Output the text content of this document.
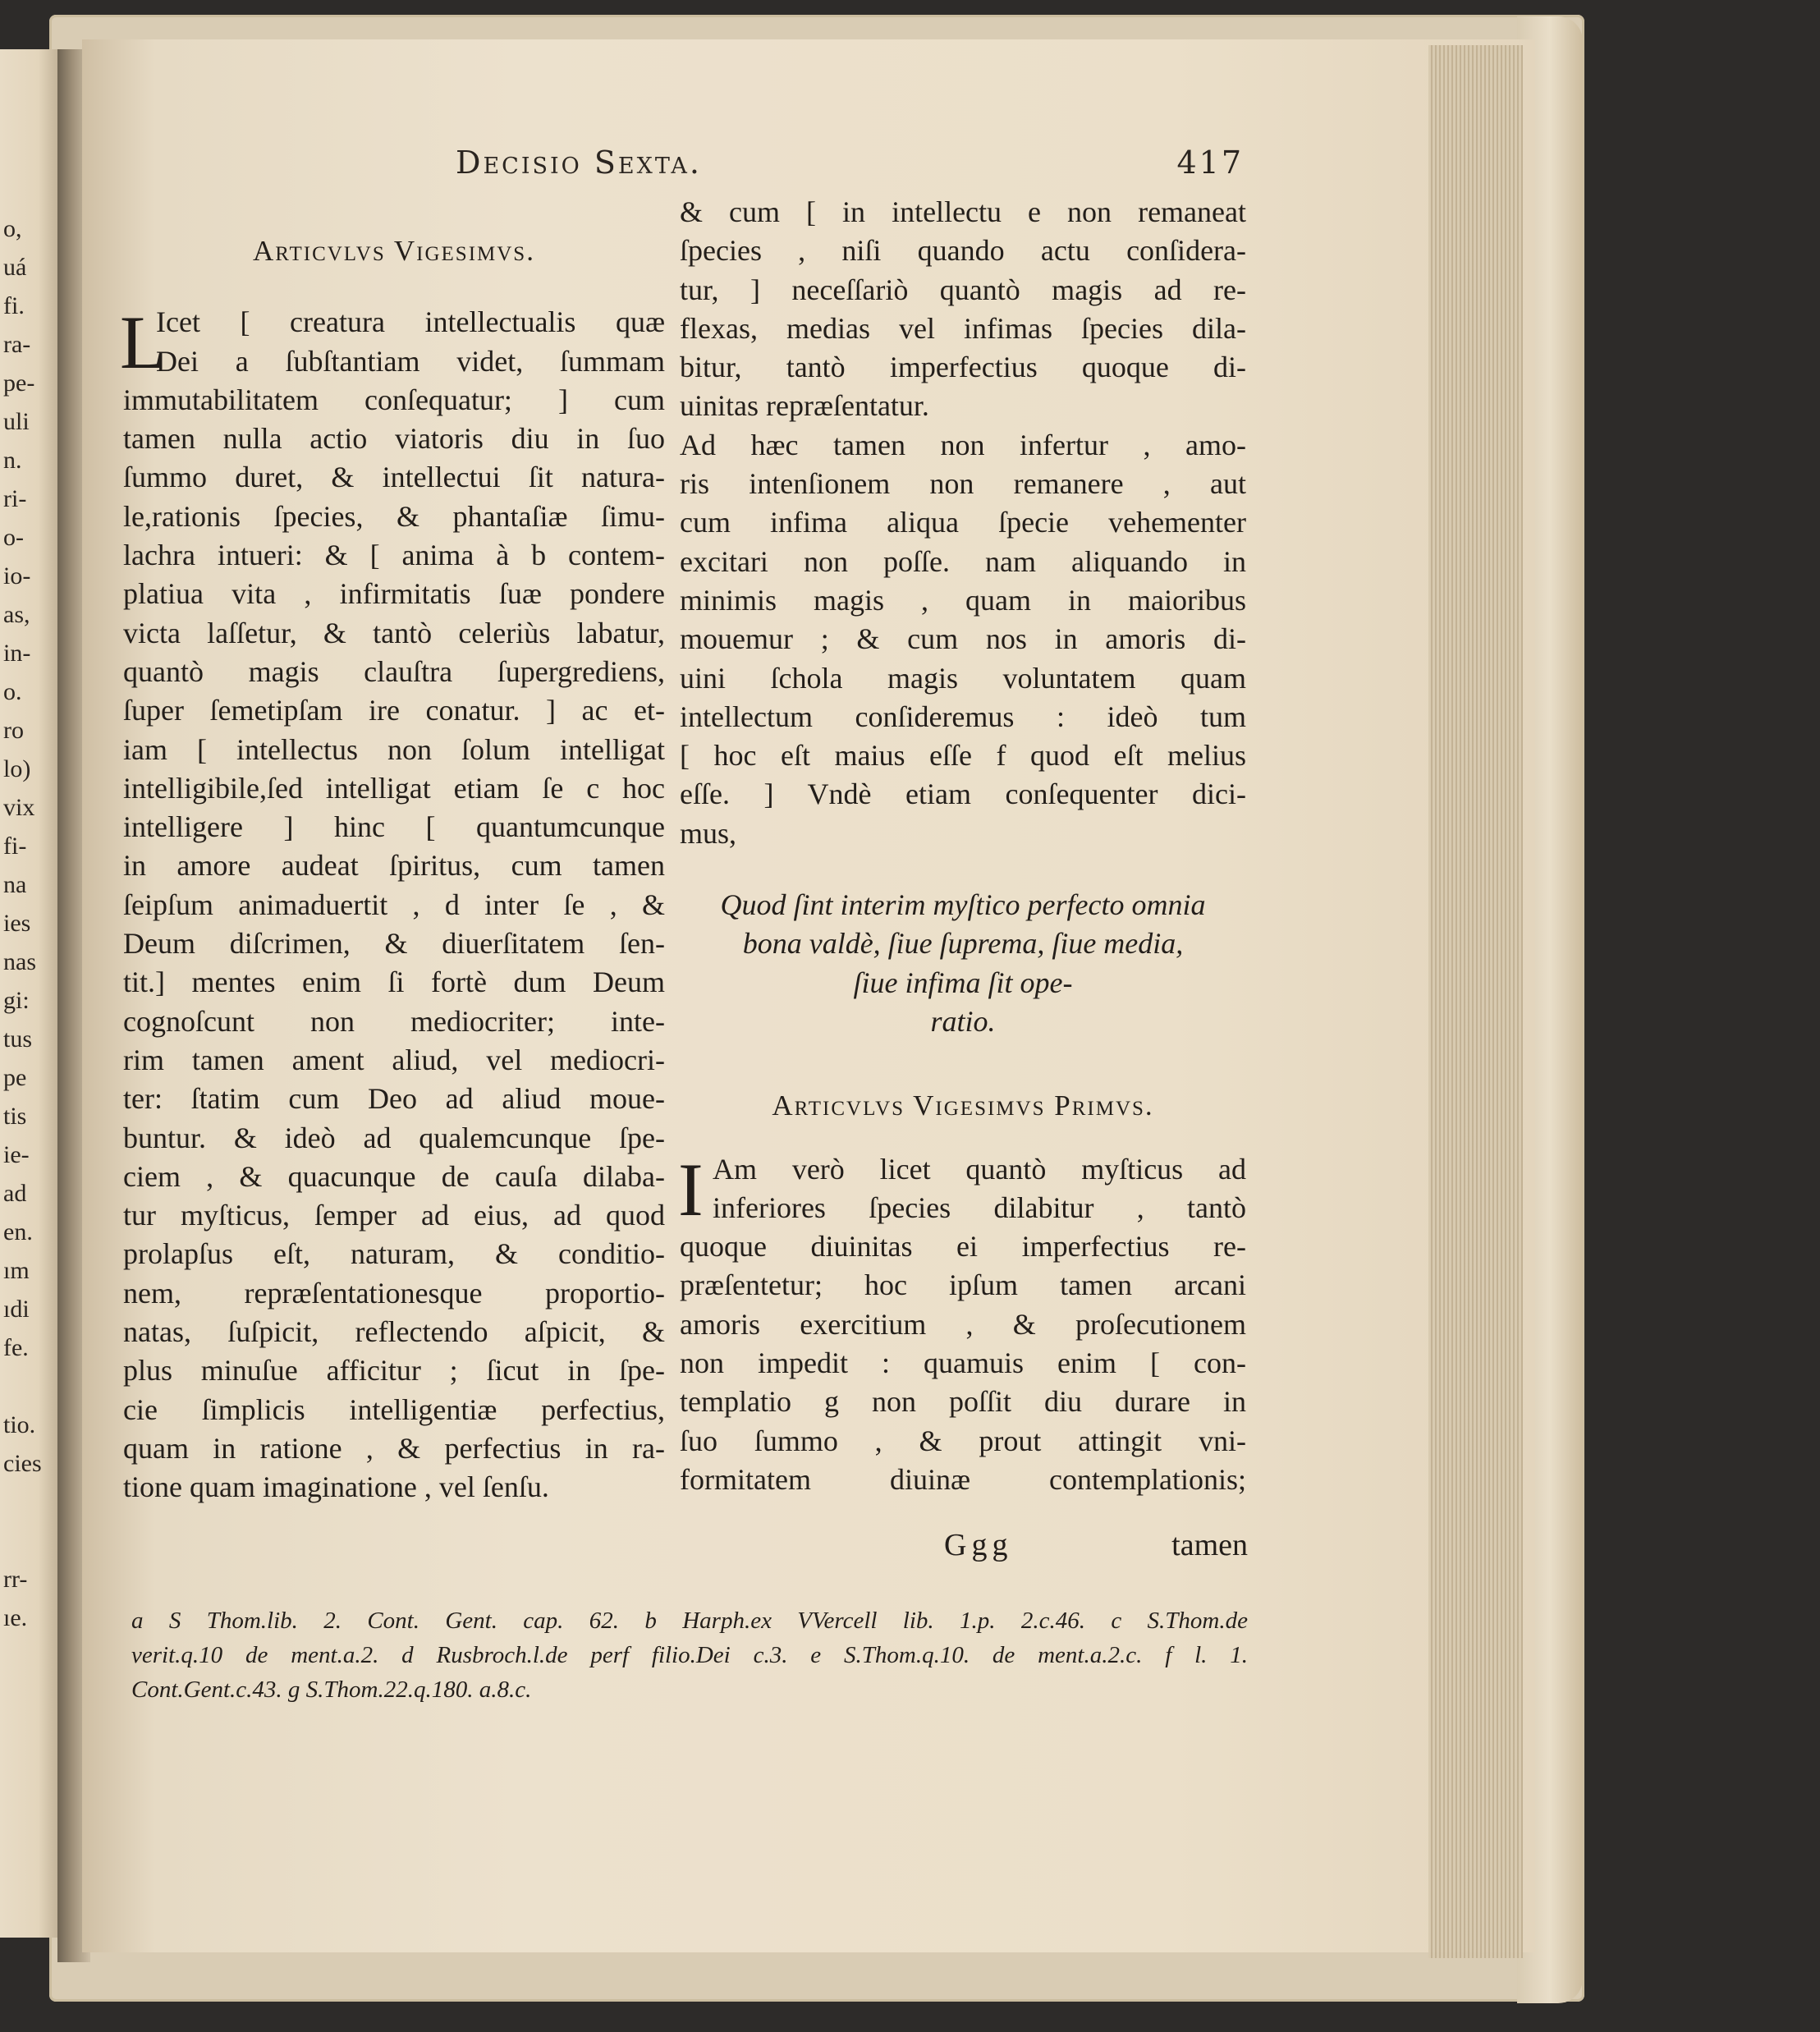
o,
uá
fi.
ra-
pe-
uli
n.
ri-
o-
io-
as,
in-
o.
ro
lo)
vix
fi-
na
ies
nas
gi:
tus
pe
tis
ie-
ad
en.
ım
ıdi
fe.

tio.
cies

rr-
ıe.
Decisio Sexta.	417
Articvlvs Vigesimvs.
L
Icet [ creatura intellectualis quæ
Dei a ſubſtantiam videt, ſummam
immutabilitatem conſequatur; ] cum
tamen nulla actio viatoris diu in ſuo
ſummo duret, & intellectui ſit natura-
le,rationis ſpecies, & phantaſiæ ſimu-
lachra intueri: & [ anima à b contem-
platiua vita , infirmitatis ſuæ pondere
victa laſſetur, & tantò celeriùs labatur,
quantò magis clauſtra ſupergrediens,
ſuper ſemetipſam ire conatur. ] ac et-
iam [ intellectus non ſolum intelligat
intelligibile,ſed intelligat etiam ſe c hoc
intelligere ] hinc [ quantumcunque
in amore audeat ſpiritus, cum tamen
ſeipſum animaduertit , d inter ſe , &
Deum diſcrimen, & diuerſitatem ſen-
tit.] mentes enim ſi fortè dum Deum
cognoſcunt non mediocriter; inte-
rim tamen ament aliud, vel mediocri-
ter: ſtatim cum Deo ad aliud moue-
buntur. & ideò ad qualemcunque ſpe-
ciem , & quacunque de cauſa dilaba-
tur myſticus, ſemper ad eius, ad quod
prolapſus eſt, naturam, & conditio-
nem, repræſentationesque proportio-
natas, ſuſpicit, reflectendo aſpicit, &
plus minuſue afficitur ; ſicut in ſpe-
cie ſimplicis intelligentiæ perfectius,
quam in ratione , & perfectius in ra-
tione quam imaginatione , vel ſenſu.
& cum [ in intellectu e non remaneat
ſpecies , niſi quando actu conſidera-
tur, ] neceſſariò quantò magis ad re-
flexas, medias vel infimas ſpecies dila-
bitur, tantò imperfectius quoque di-
uinitas repræſentatur.
Ad hæc tamen non infertur , amo-
ris intenſionem non remanere , aut
cum infima aliqua ſpecie vehementer
excitari non poſſe. nam aliquando in
minimis magis , quam in maioribus
mouemur ; & cum nos in amoris di-
uini ſchola magis voluntatem quam
intellectum conſideremus : ideò tum
[ hoc eſt maius eſſe f quod eſt melius
eſſe. ] Vndè etiam conſequenter dici-
mus,
Quod ſint interim myſtico perfecto omnia
bona valdè, ſiue ſuprema, ſiue media,
ſiue infima ſit ope-
ratio.
Articvlvs Vigesimvs Primvs.
I Am verò licet quantò myſticus ad
inferiores ſpecies dilabitur , tantò
quoque diuinitas ei imperfectius re-
præſentetur; hoc ipſum tamen arcani
amoris exercitium , & proſecutionem
non impedit : quamuis enim [ con-
templatio g non poſſit diu durare in
ſuo ſummo , & prout attingit vni-
formitatem diuinæ contemplationis;
Ggg	tamen
a S Thom.lib. 2. Cont. Gent. cap. 62. b Harph.ex VVercell lib. 1.p. 2.c.46. c S.Thom.de
verit.q.10 de ment.a.2. d Rusbroch.l.de perf filio.Dei c.3. e S.Thom.q.10. de ment.a.2.c. f l. 1.
Cont.Gent.c.43. g S.Thom.22.q.180. a.8.c.
